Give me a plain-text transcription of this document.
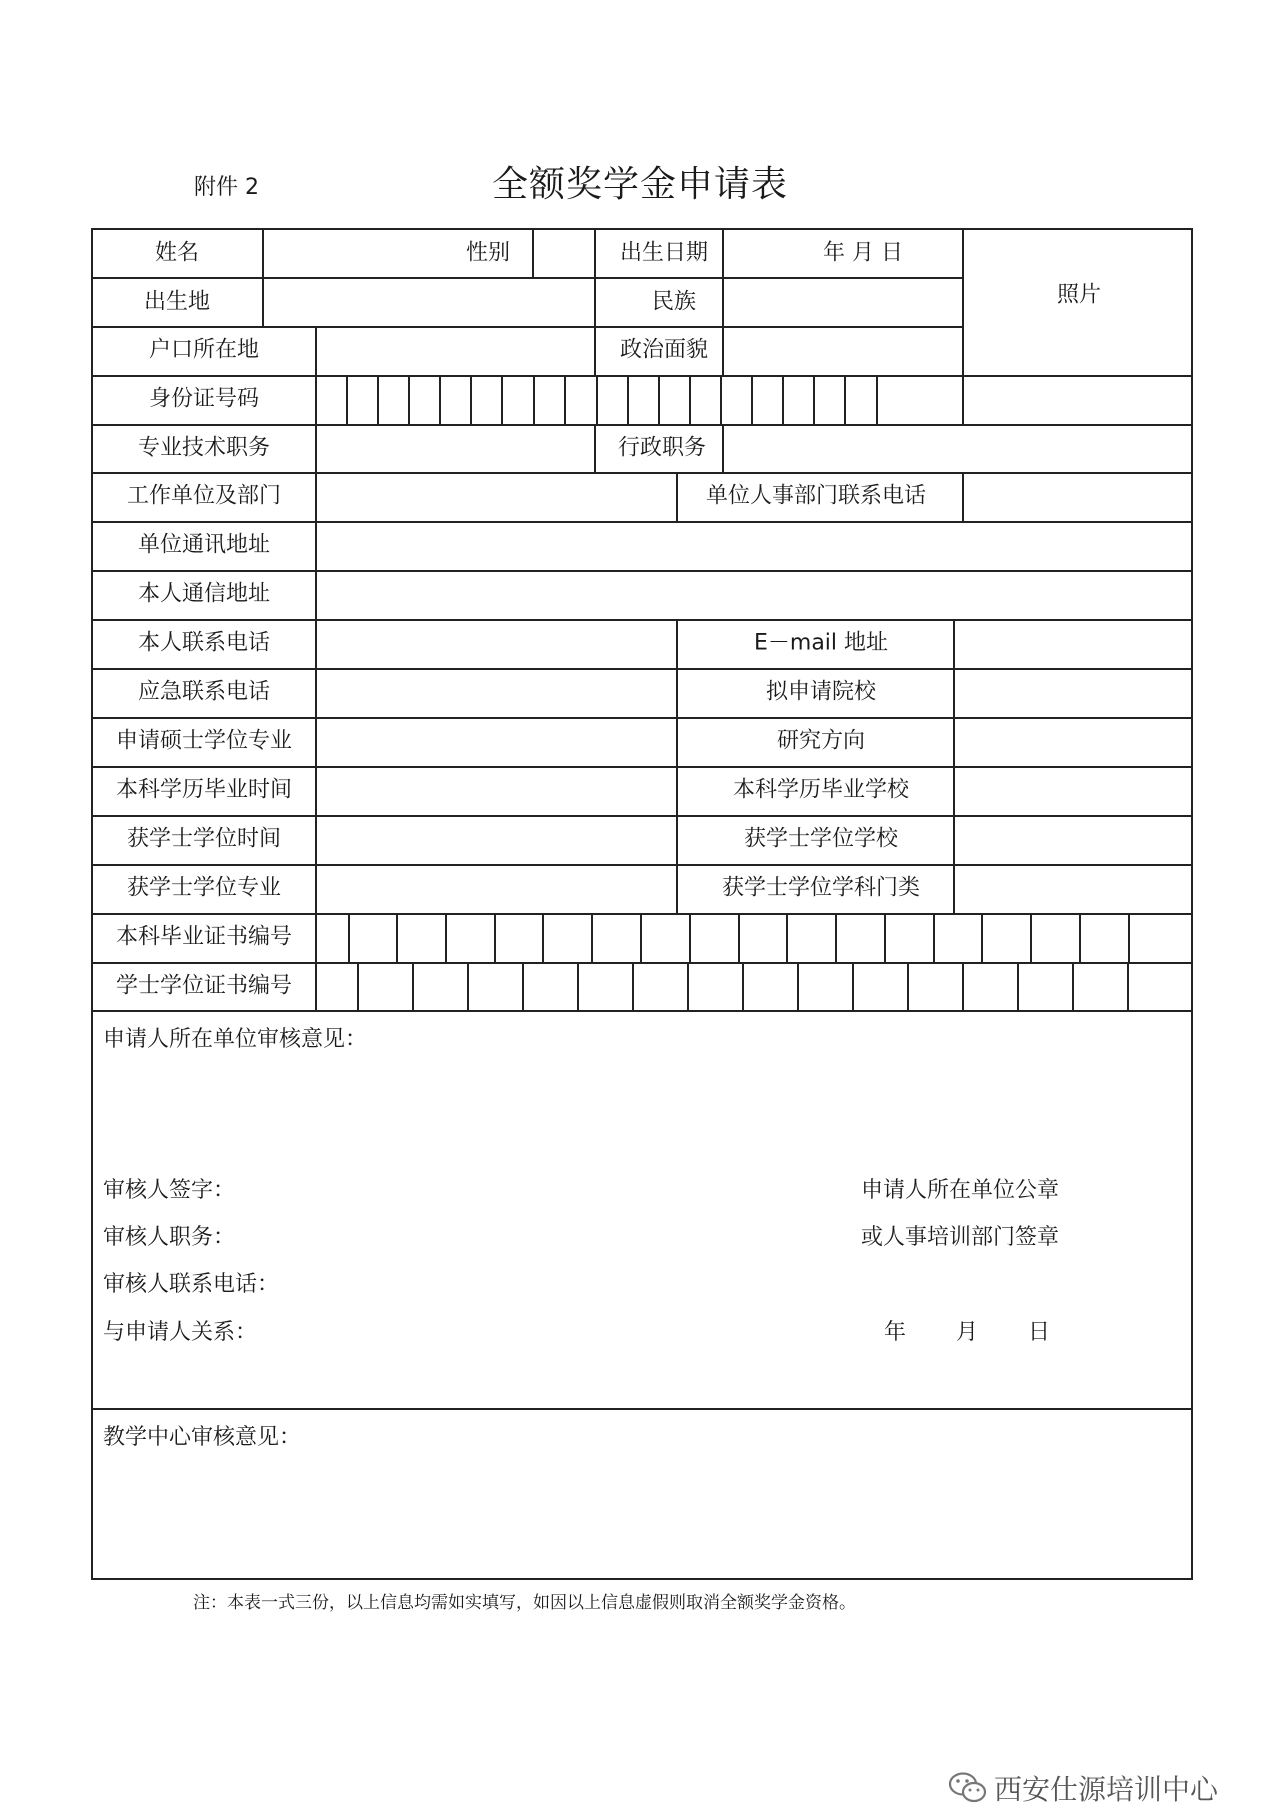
附件 2	全额奖学金申请表
姓名	性别	出生日期	年 月 日
照片
出生地	民族
户口所在地	政治面貌
身份证号码
专业技术职务	行政职务
工作单位及部门	单位人事部门联系电话
单位通讯地址
本人通信地址
本人联系电话	E－mail 地址
应急联系电话	拟申请院校
申请硕士学位专业	研究方向
本科学历毕业时间	本科学历毕业学校
获学士学位时间	获学士学位学校
获学士学位专业	获学士学位学科门类
本科毕业证书编号
学士学位证书编号
申请人所在单位审核意见：
审核人签字：
审核人职务：
审核人联系电话：
与申请人关系：
申请人所在单位公章
或人事培训部门签章
年 月 日
教学中心审核意见：
注：本表一式三份，以上信息均需如实填写，如因以上信息虚假则取消全额奖学金资格。
西安仕源培训中心
